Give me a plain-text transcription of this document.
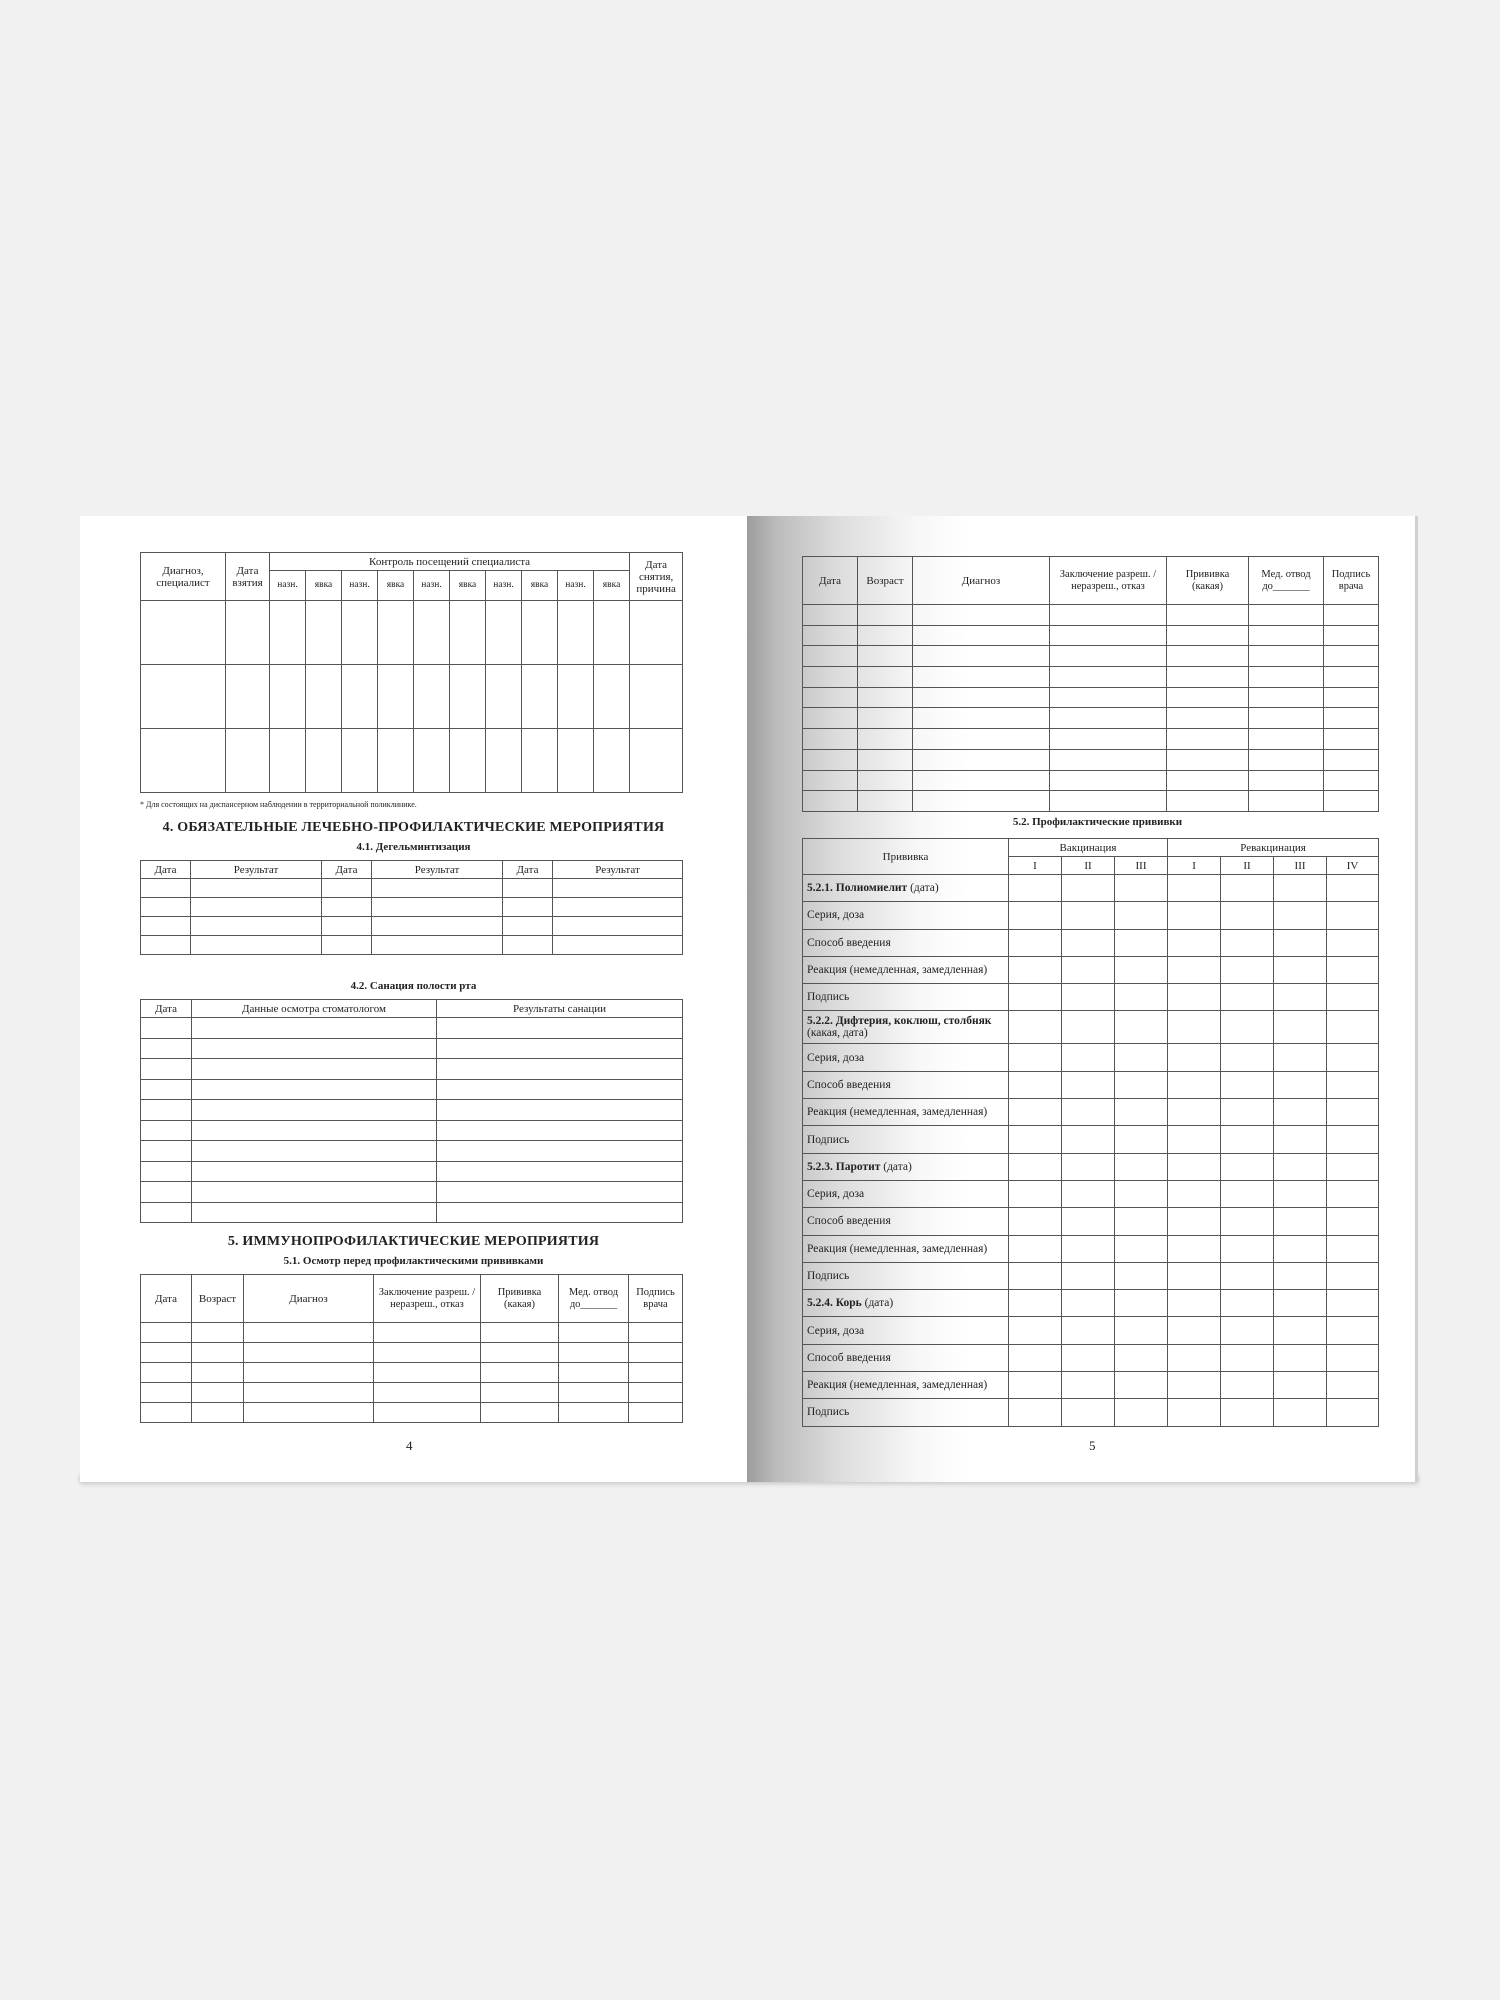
Диагноз, специалист	Дата взятия	Контроль посещений специалиста										Дата снятия, причина
		назн.	явка	назн.	явка	назн.	явка	назн.	явка	назн.	явка	

* Для состоящих на диспансерном наблюдении в территориальной поликлинике.
4. ОБЯЗАТЕЛЬНЫЕ ЛЕЧЕБНО-ПРОФИЛАКТИЧЕСКИЕ МЕРОПРИЯТИЯ
4.1. Дегельминтизация
Дата	Результат	Дата	Результат	Дата	Результат

4.2. Санация полости рта
Дата	Данные осмотра стоматологом	Результаты санации

5. ИММУНОПРОФИЛАКТИЧЕСКИЕ МЕРОПРИЯТИЯ
5.1. Осмотр перед профилактическими прививками
Дата	Возраст	Диагноз	Заключение разреш. / неразреш., отказ	Прививка (какая)	Мед. отвод до_______	Подпись врача

4
Дата	Возраст	Диагноз	Заключение разреш. / неразреш., отказ	Прививка (какая)	Мед. отвод до_______	Подпись врача

5.2. Профилактические прививки
Прививка	Вакцинация			Ревакцинация			
	I	II	III	I	II	III	IV
5.2.1. Полиомиелит (дата)							
Серия, доза							
Способ введения							
Реакция (немедленная, замедленная)							
Подпись							
5.2.2. Дифтерия, коклюш, столбняк (какая, дата)							
Серия, доза							
Способ введения							
Реакция (немедленная, замедленная)							
Подпись							
5.2.3. Паротит (дата)							
Серия, доза							
Способ введения							
Реакция (немедленная, замедленная)							
Подпись							
5.2.4. Корь (дата)							
Серия, доза							
Способ введения							
Реакция (немедленная, замедленная)							
Подпись							
5
